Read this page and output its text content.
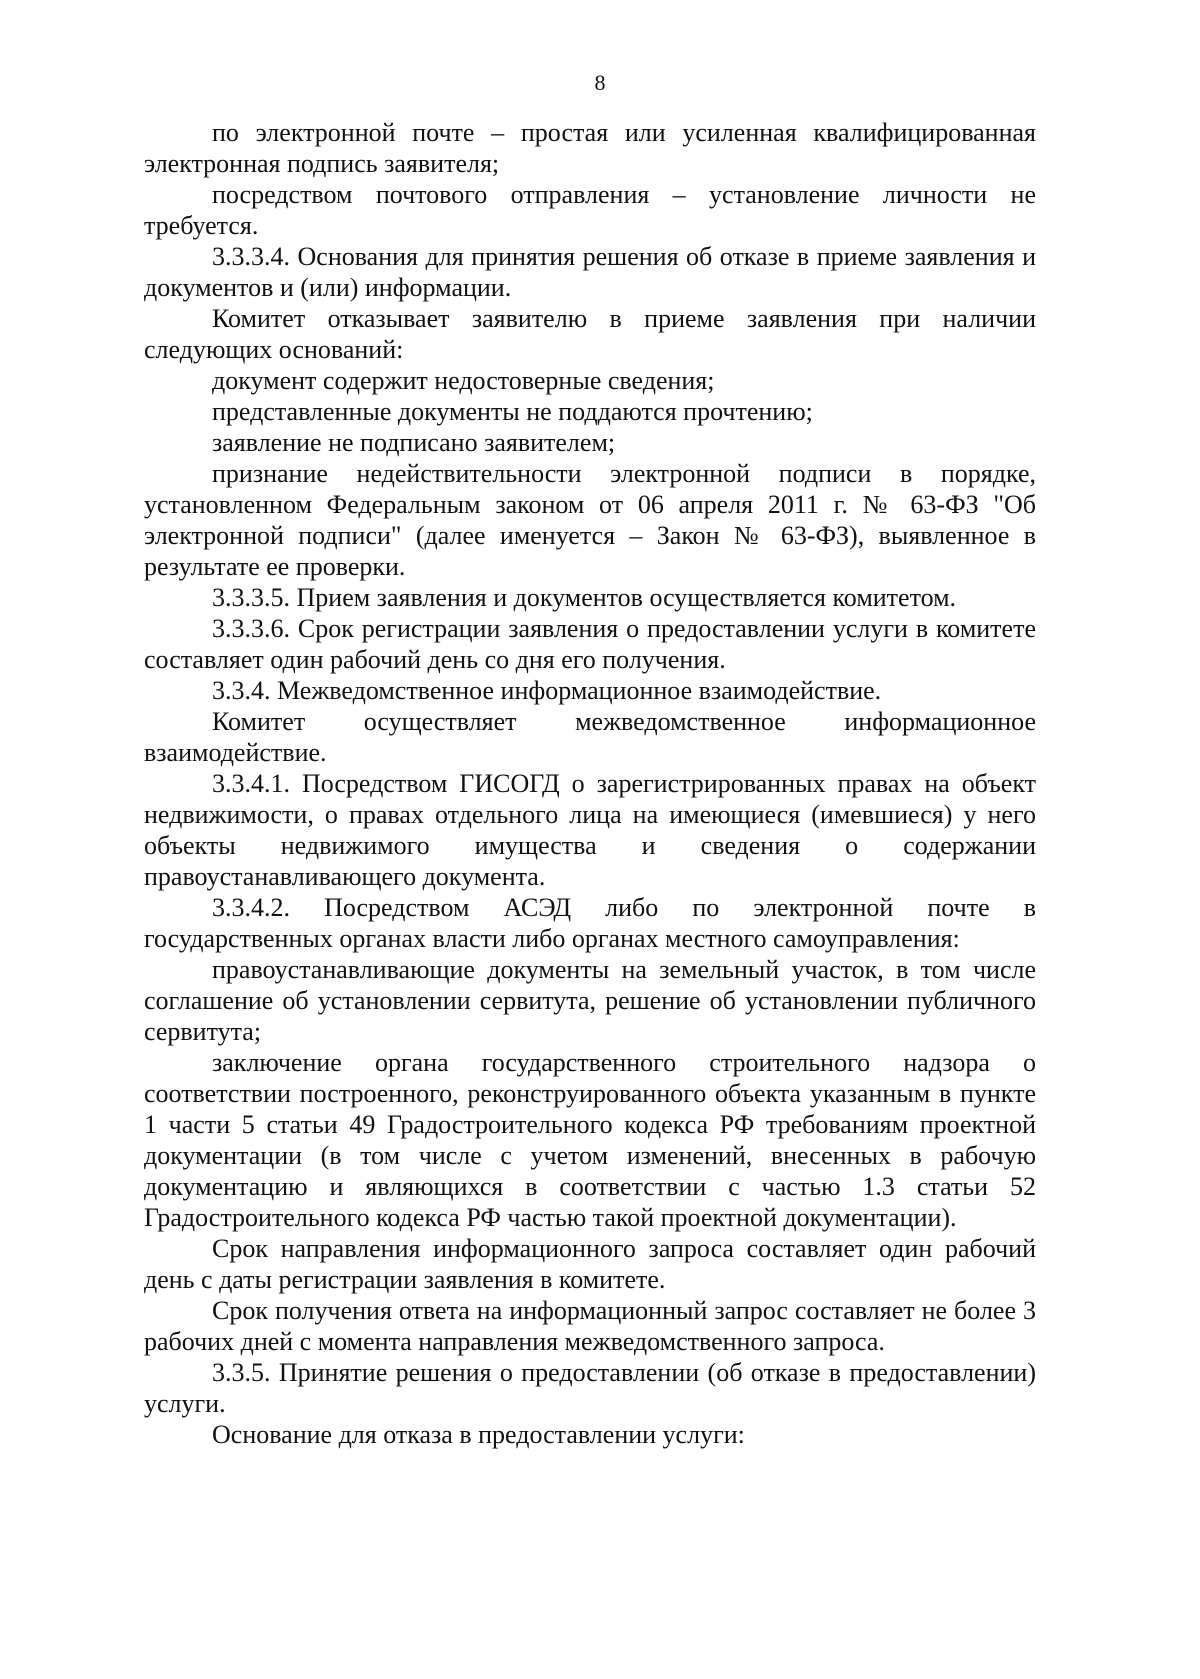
8

по электронной почте – простая или усиленная квалифицированная электронная подпись заявителя;

посредством почтового отправления – установление личности не требуется.

3.3.3.4. Основания для принятия решения об отказе в приеме заявления и документов и (или) информации.

Комитет отказывает заявителю в приеме заявления при наличии следующих оснований:

документ содержит недостоверные сведения;

представленные документы не поддаются прочтению;

заявление не подписано заявителем;

признание недействительности электронной подписи в порядке, установленном Федеральным законом от 06 апреля 2011 г. № 63-ФЗ "Об электронной подписи" (далее именуется – Закон № 63-ФЗ), выявленное в результате ее проверки.

3.3.3.5. Прием заявления и документов осуществляется комитетом.

3.3.3.6. Срок регистрации заявления о предоставлении услуги в комитете составляет один рабочий день со дня его получения.

3.3.4. Межведомственное информационное взаимодействие.

Комитет осуществляет межведомственное информационное взаимодействие.

3.3.4.1. Посредством ГИСОГД о зарегистрированных правах на объект недвижимости, о правах отдельного лица на имеющиеся (имевшиеся) у него объекты недвижимого имущества и сведения о содержании правоустанавливающего документа.

3.3.4.2. Посредством АСЭД либо по электронной почте в государственных органах власти либо органах местного самоуправления:

правоустанавливающие документы на земельный участок, в том числе соглашение об установлении сервитута, решение об установлении публичного сервитута;

заключение органа государственного строительного надзора о соответствии построенного, реконструированного объекта указанным в пункте 1 части 5 статьи 49 Градостроительного кодекса РФ требованиям проектной документации (в том числе с учетом изменений, внесенных в рабочую документацию и являющихся в соответствии с частью 1.3 статьи 52 Градостроительного кодекса РФ частью такой проектной документации).

Срок направления информационного запроса составляет один рабочий день с даты регистрации заявления в комитете.

Срок получения ответа на информационный запрос составляет не более 3 рабочих дней с момента направления межведомственного запроса.

3.3.5. Принятие решения о предоставлении (об отказе в предоставлении) услуги.

Основание для отказа в предоставлении услуги:
